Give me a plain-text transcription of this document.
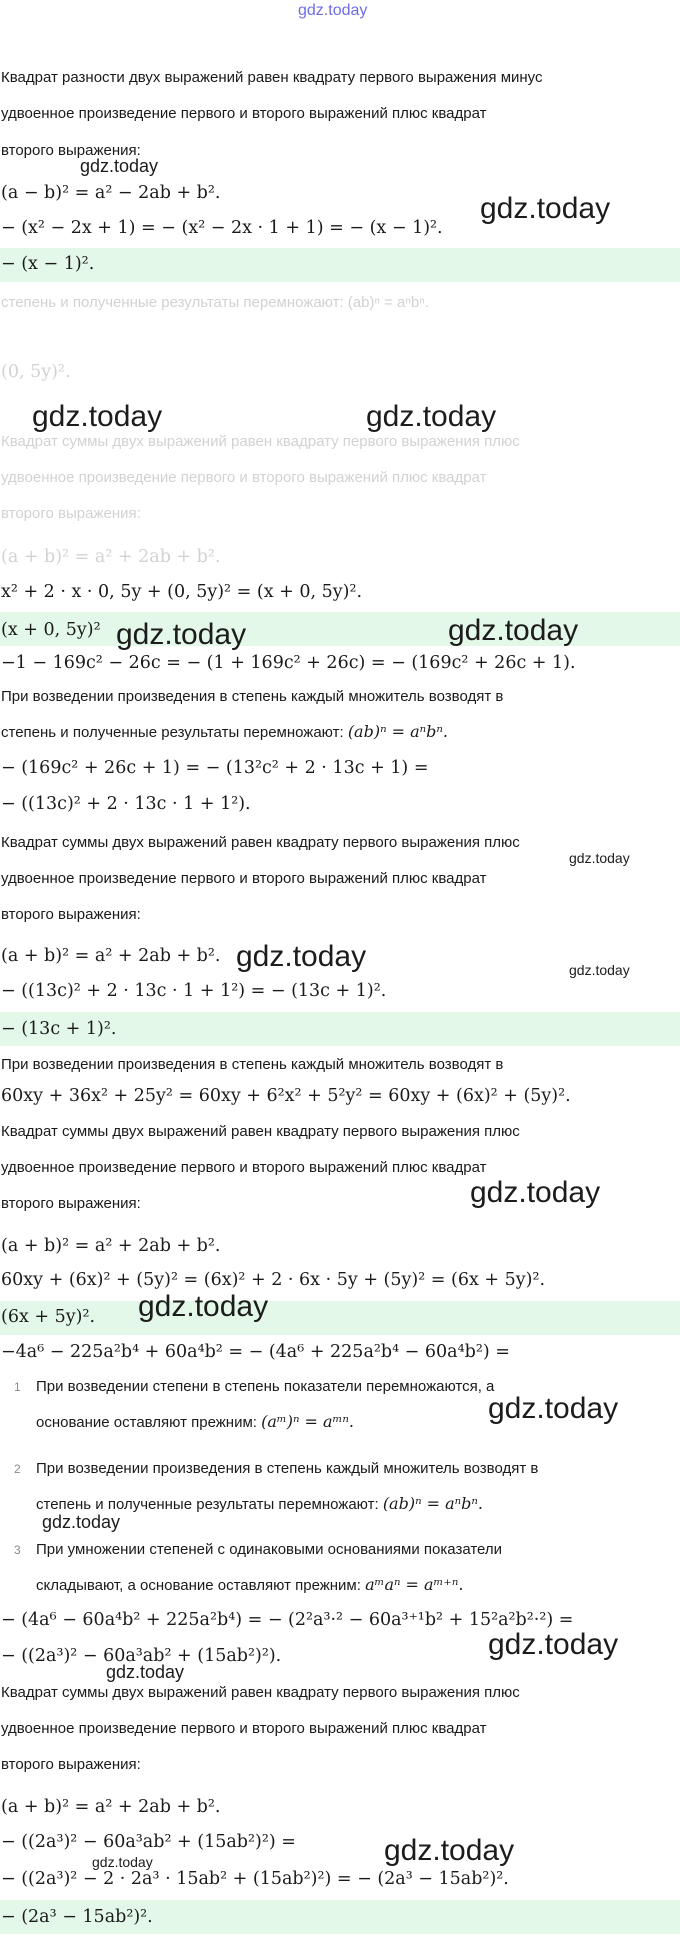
gdz.today
Квадрат разности двух выражений равен квадрату первого выражения минус
удвоенное произведение первого и второго выражений плюс квадрат
второго выражения:
gdz.today
(a − b)² = a² − 2ab + b².
− (x² − 2x + 1) = − (x² − 2x · 1 + 1) = − (x − 1)².
gdz.today
− (x − 1)².
степень и полученные результаты перемножают: (ab)ⁿ = aⁿbⁿ.
(0, 5y)².
gdz.today	gdz.today
Квадрат суммы двух выражений равен квадрату первого выражения плюс
удвоенное произведение первого и второго выражений плюс квадрат
второго выражения:
(a + b)² = a² + 2ab + b².
x² + 2 · x · 0, 5y + (0, 5y)² = (x + 0, 5y)².
(x + 0, 5y)² gdz.today	gdz.today
−1 − 169c² − 26c = − (1 + 169c² + 26c) = − (169c² + 26c + 1).
При возведении произведения в степень каждый множитель возводят в
степень и полученные результаты перемножают: (ab)ⁿ = aⁿbⁿ.
− (169c² + 26c + 1) = − (13²c² + 2 · 13c + 1) =
− ((13c)² + 2 · 13c · 1 + 1²).
Квадрат суммы двух выражений равен квадрату первого выражения плюс
gdz.today
удвоенное произведение первого и второго выражений плюс квадрат
второго выражения:
(a + b)² = a² + 2ab + b². gdz.today	gdz.today
− ((13c)² + 2 · 13c · 1 + 1²) = − (13c + 1)².
− (13c + 1)².
При возведении произведения в степень каждый множитель возводят в
60xy + 36x² + 25y² = 60xy + 6²x² + 5²y² = 60xy + (6x)² + (5y)².
Квадрат суммы двух выражений равен квадрату первого выражения плюс
удвоенное произведение первого и второго выражений плюс квадрат
второго выражения:	gdz.today
(a + b)² = a² + 2ab + b².
60xy + (6x)² + (5y)² = (6x)² + 2 · 6x · 5y + (5y)² = (6x + 5y)².
(6x + 5y)². gdz.today
−4a⁶ − 225a²b⁴ + 60a⁴b² = − (4a⁶ + 225a²b⁴ − 60a⁴b²) =
1 При возведении степени в степень показатели перемножаются, а
основание оставляют прежним: (aᵐ)ⁿ = aᵐⁿ.	gdz.today
2 При возведении произведения в степень каждый множитель возводят в
степень и полученные результаты перемножают: (ab)ⁿ = aⁿbⁿ.
gdz.today
3 При умножении степеней с одинаковыми основаниями показатели
складывают, а основание оставляют прежним: aᵐaⁿ = aᵐ⁺ⁿ.
− (4a⁶ − 60a⁴b² + 225a²b⁴) = − (2²a³·² − 60a³⁺¹b² + 15²a²b²·²) =
− ((2a³)² − 60a³ab² + (15ab²)²).	gdz.today
gdz.today
Квадрат суммы двух выражений равен квадрату первого выражения плюс
удвоенное произведение первого и второго выражений плюс квадрат
второго выражения:
(a + b)² = a² + 2ab + b².
− ((2a³)² − 60a³ab² + (15ab²)²) =	gdz.today
gdz.today
− ((2a³)² − 2 · 2a³ · 15ab² + (15ab²)²) = − (2a³ − 15ab²)².
− (2a³ − 15ab²)².
